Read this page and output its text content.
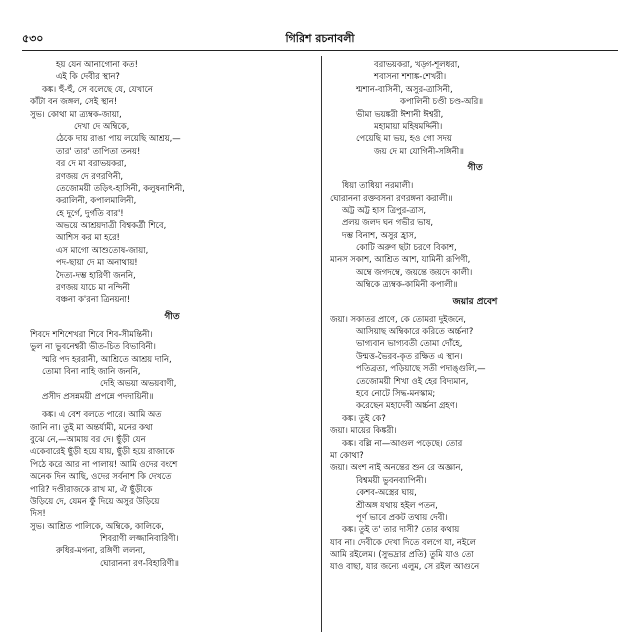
গিরিশ রচনাবলী
৫৩০
হয় যেন আনাগোনা কত!
এই কি দেবীর স্থান?
কঙ্ক। হুঁ-হুঁ, সে বলেছে যে, যেখানে
কাঁটা বন জঙ্গল, সেই স্থান!
সুভ। কোথা মা ত্র্যম্বক-জায়া,
দেখা দে অম্বিকে,
ঠেকে দায় রাঙা পায় লয়েছি আশ্রয়,—
তার' তার' তাপিতা তনয়!
বর দে মা বরাভয়করা,
রণজয় দে রণরণিনী,
তেজোময়ী তড়িৎ-হাসিনী, কলুষনাশিনী,
করালিনী, কপালমালিনী,
হে দুর্গে, দুর্গতি বার'!
অভয়ে আশ্রয়দাত্রী বিশ্বকর্ত্রী শিবে,
আশিস কর মা হরে!
এস মাগো আশুতোষ-জায়া,
পদ-ছায়া দে মা অনাথায়!
দৈত্য-দম্ভ হারিণী জননি,
রণজয় যাচে মা নন্দিনী
বঞ্চনা ক'রনা ত্রিনয়না!
গীত
শিবদে শশিশেখরা শিবে শিব-সীমন্তিনী।
ভুল না ভুবনেশ্বরী ভীত-চিত বিভাবিনী।
স্মরি পদ হররানী, আশ্রিতে আশ্রয় দানি,
তোমা বিনা নাহি জানি জননি,
দেহি অভয়া অভয়বাণী,
প্রসীদ প্রসন্নময়ী প্রপন্নে পদদায়িনী॥
কঙ্ক। এ বেশ বলতে পারে। আমি অত
জানি না। তুই মা অন্তর্যামী, মনের কথা
বুঝে নে,—আমায় বর দে। ছুঁড়ী যেন
একেবারেই ছুঁড়ী হয়ে যায়, ছুঁড়ী হয়ে রাজাকে
পিঠে করে আর না পালায়! আমি ওদের বংশে
অনেক দিন আছি, ওদের সর্বনাশ কি দেখতে
পারি? দণ্ডীরাজকে রাখ মা, ঐ ছুঁড়ীকে
উড়িয়ে দে, যেমন ফুঁ দিয়ে অসুর উড়িয়ে
দিস!
সুভ। আশ্রিত পালিকে, অম্বিকে, কালিকে,
শিবরাণী লজ্জানিবারিণী।
রুধির-মগনা, রঙ্গিণী ললনা,
ঘোরাননা রণ-বিহারিণী॥
বরাভয়করা, খড়্গ-শূলধরা,
শবাসনা শশাঙ্ক-শেখরী।
শ্মশান-বাসিনী, অসুর-ত্রাসিনী,
কপালিনী চণ্ডী চণ্ড-অরি॥
ভীমা ভয়ঙ্করী ঈশানী ঈশ্বরী,
মহামায়া মহিষমর্দ্দিনী।
পেয়েছি মা ভয়, হও গো সদয়
জয় দে মা যোগিনী-সঙ্গিনী॥
গীত
ধিয়া তাধিয়া নরমালী।
ঘোরাননা রক্তবসনা রণরঙ্গনা করালী॥
অট্ট অট্ট হাস ত্রিপুর-ত্রাস,
প্রলয় জলদ ঘন গভীর ভাষ,
দম্ভ বিনাশ, অসুর হ্রাস,
কোটি অরুণ ছটা চরণে বিকাশ,
মানস সকাশ, আশ্রিত আশ, যামিনী রূপিণী,
অম্বে জগদম্বে, জয়ন্তে জয়দে কালী।
অম্বিকে ত্র্যম্বক-কামিনী কপালী॥
জয়ার প্রবেশ
জয়া। সকাতর প্রাণে, কে তোমরা দুইজনে,
আসিয়াছ অম্বিকারে করিতে অর্চ্চনা?
ভাগ্যবান ভাগ্যবতী তোমা দোঁহে,
উন্মত্ত-ভৈরব-কৃত রক্ষিত এ স্থান।
পতিব্রতা, পড়িয়াছে সতী পদাঙ্গুলি,—
তেজোময়ী শিখা ওই হের বিদ্যমান,
হবে নোটে সিদ্ধ-মনস্কাম;
করেছেন মহাদেবী অর্চ্চনা গ্রহণ।
কঙ্ক। তুই কে?
জয়া। মায়ের কিঙ্করী।
কঙ্ক। বল্লি না—আগুল পড়েছে। তোর
মা কোথা?
জয়া। অংশ নাই অনন্তের শুন রে অজ্ঞান,
বিশ্বময়ী ভুবনব্যাপিনী।
কেশব-অস্ত্রের ঘায়,
শ্রীঅঙ্গ যথায় হইল পতন,
পূর্ণ ভাবে প্রকট তথায় দেবী।
কঙ্ক। তুই ত' তার দাসী? তোর কথায়
যাব না। দেবীকে দেখা দিতে বলগে যা, নইলে
আমি রইলেম। (সুভদ্রার প্রতি) তুমি যাও তো
যাও বাছা, যার জন্যে এলুম, সে রইল আগুনে
